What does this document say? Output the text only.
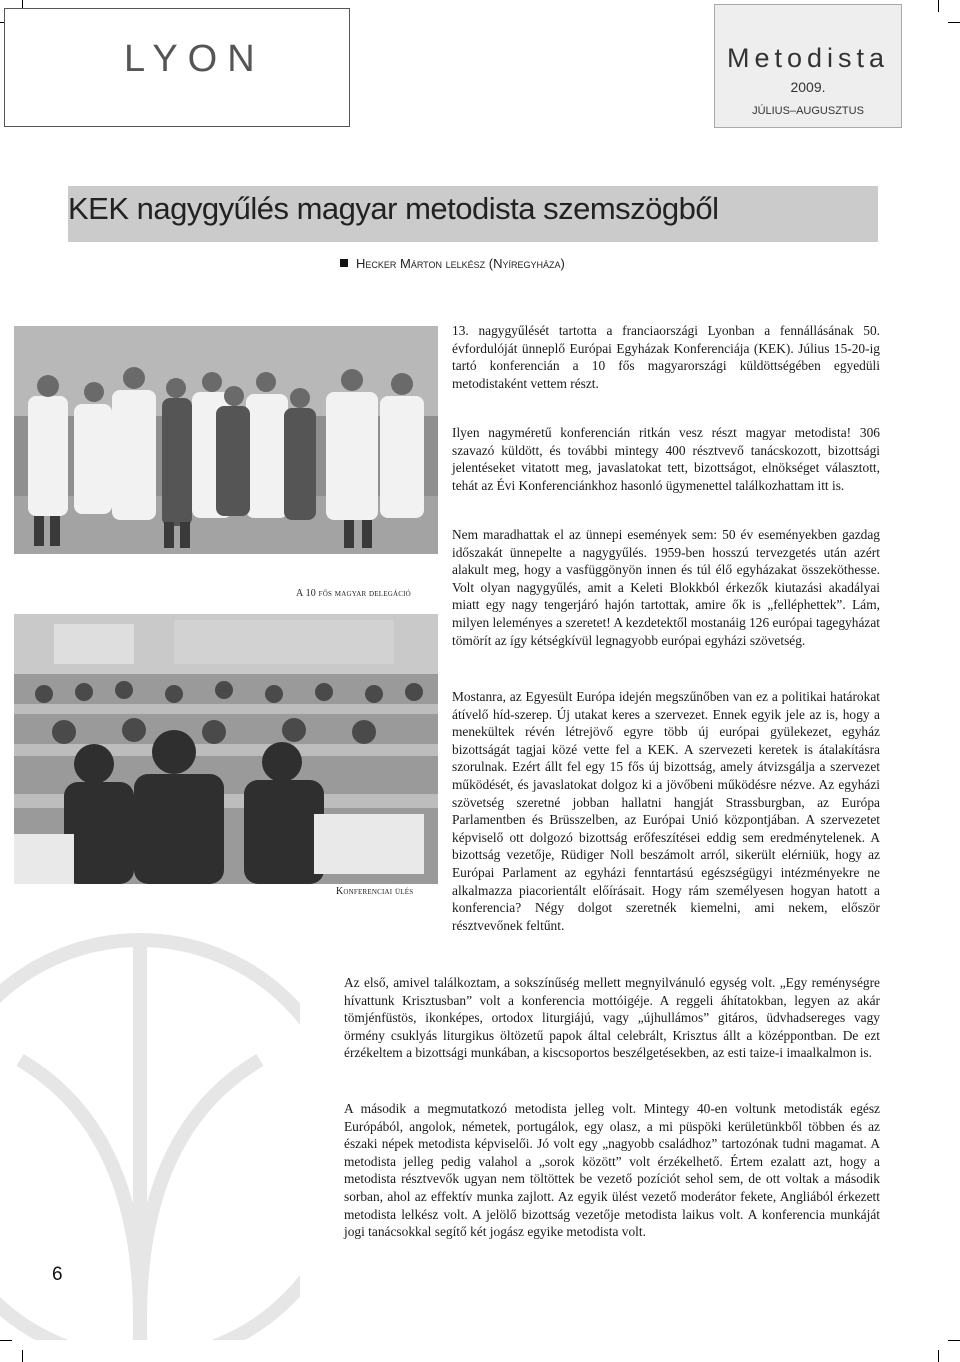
LYON	Metodista
2009.
JÚLIUS–AUGUSZTUS
KEK nagygyűlés magyar metodista szemszögből
Hecker Márton lelkész (Nyíregyháza)
A 10 fős magyar delegáció
Konferenciai ülés
13. nagygyűlését tartotta a franciaországi Lyonban a fennállásának 50. évfordulóját ünneplő Európai Egyházak Konferenciája (KEK). Július 15-20-ig tartó konferencián a 10 fős magyarországi küldöttségében egyedüli metodistaként vettem részt.
Ilyen nagyméretű konferencián ritkán vesz részt magyar metodista! 306 szavazó küldött, és további mintegy 400 résztvevő tanácskozott, bizottsági jelentéseket vitatott meg, javaslatokat tett, bizottságot, elnökséget választott, tehát az Évi Konferenciánkhoz hasonló ügymenettel találkozhattam itt is.
Nem maradhattak el az ünnepi események sem: 50 év eseményekben gazdag időszakát ünnepelte a nagygyűlés. 1959-ben hosszú tervezgetés után azért alakult meg, hogy a vasfüggönyön innen és túl élő egyházakat összeköthesse. Volt olyan nagygyűlés, amit a Keleti Blokkból érkezők kiutazási akadályai miatt egy nagy tengerjáró hajón tartottak, amire ők is „felléphettek”. Lám, milyen leleményes a szeretet! A kezdetektől mostanáig 126 európai tagegyházat tömörít az így kétségkívül legnagyobb európai egyházi szövetség.
Mostanra, az Egyesült Európa idején megszűnőben van ez a politikai határokat átívelő híd-szerep. Új utakat keres a szervezet. Ennek egyik jele az is, hogy a menekültek révén létrejövő egyre több új európai gyülekezet, egyház bizottságát tagjai közé vette fel a KEK. A szervezeti keretek is átalakításra szorulnak. Ezért állt fel egy 15 fős új bizottság, amely átvizsgálja a szervezet működését, és javaslatokat dolgoz ki a jövőbeni működésre nézve. Az egyházi szövetség szeretné jobban hallatni hangját Strassburgban, az Európa Parlamentben és Brüsszelben, az Európai Unió központjában. A szervezetet képviselő ott dolgozó bizottság erőfeszítései eddig sem eredménytelenek. A bizottság vezetője, Rüdiger Noll beszámolt arról, sikerült elérniük, hogy az Európai Parlament az egyházi fenntartású egészségügyi intézményekre ne alkalmazza piacorientált előírásait. Hogy rám személyesen hogyan hatott a konferencia? Négy dolgot szeretnék kiemelni, ami nekem, először résztvevőnek feltűnt.
Az első, amivel találkoztam, a sokszínűség mellett megnyilvánuló egység volt. „Egy reménységre hívattunk Krisztusban” volt a konferencia mottóigéje. A reggeli áhítatokban, legyen az akár tömjénfüstös, ikonképes, ortodox liturgiájú, vagy „újhullámos” gitáros, üdvhadsereges vagy örmény csuklyás liturgikus öltözetű papok által celebrált, Krisztus állt a középpontban. De ezt érzékeltem a bizottsági munkában, a kiscsoportos beszélgetésekben, az esti taize-i imaalkalmon is.
A második a megmutatkozó metodista jelleg volt. Mintegy 40-en voltunk metodisták egész Európából, angolok, németek, portugálok, egy olasz, a mi püspöki kerületünkből többen és az északi népek metodista képviselői. Jó volt egy „nagyobb családhoz” tartozónak tudni magamat. A metodista jelleg pedig valahol a „sorok között” volt érzékelhető. Értem ezalatt azt, hogy a metodista résztvevők ugyan nem töltöttek be vezető pozíciót sehol sem, de ott voltak a második sorban, ahol az effektív munka zajlott. Az egyik ülést vezető moderátor fekete, Angliából érkezett metodista lelkész volt. A jelölő bizottság vezetője metodista laikus volt. A konferencia munkáját jogi tanácsokkal segítő két jogász egyike metodista volt.
6
